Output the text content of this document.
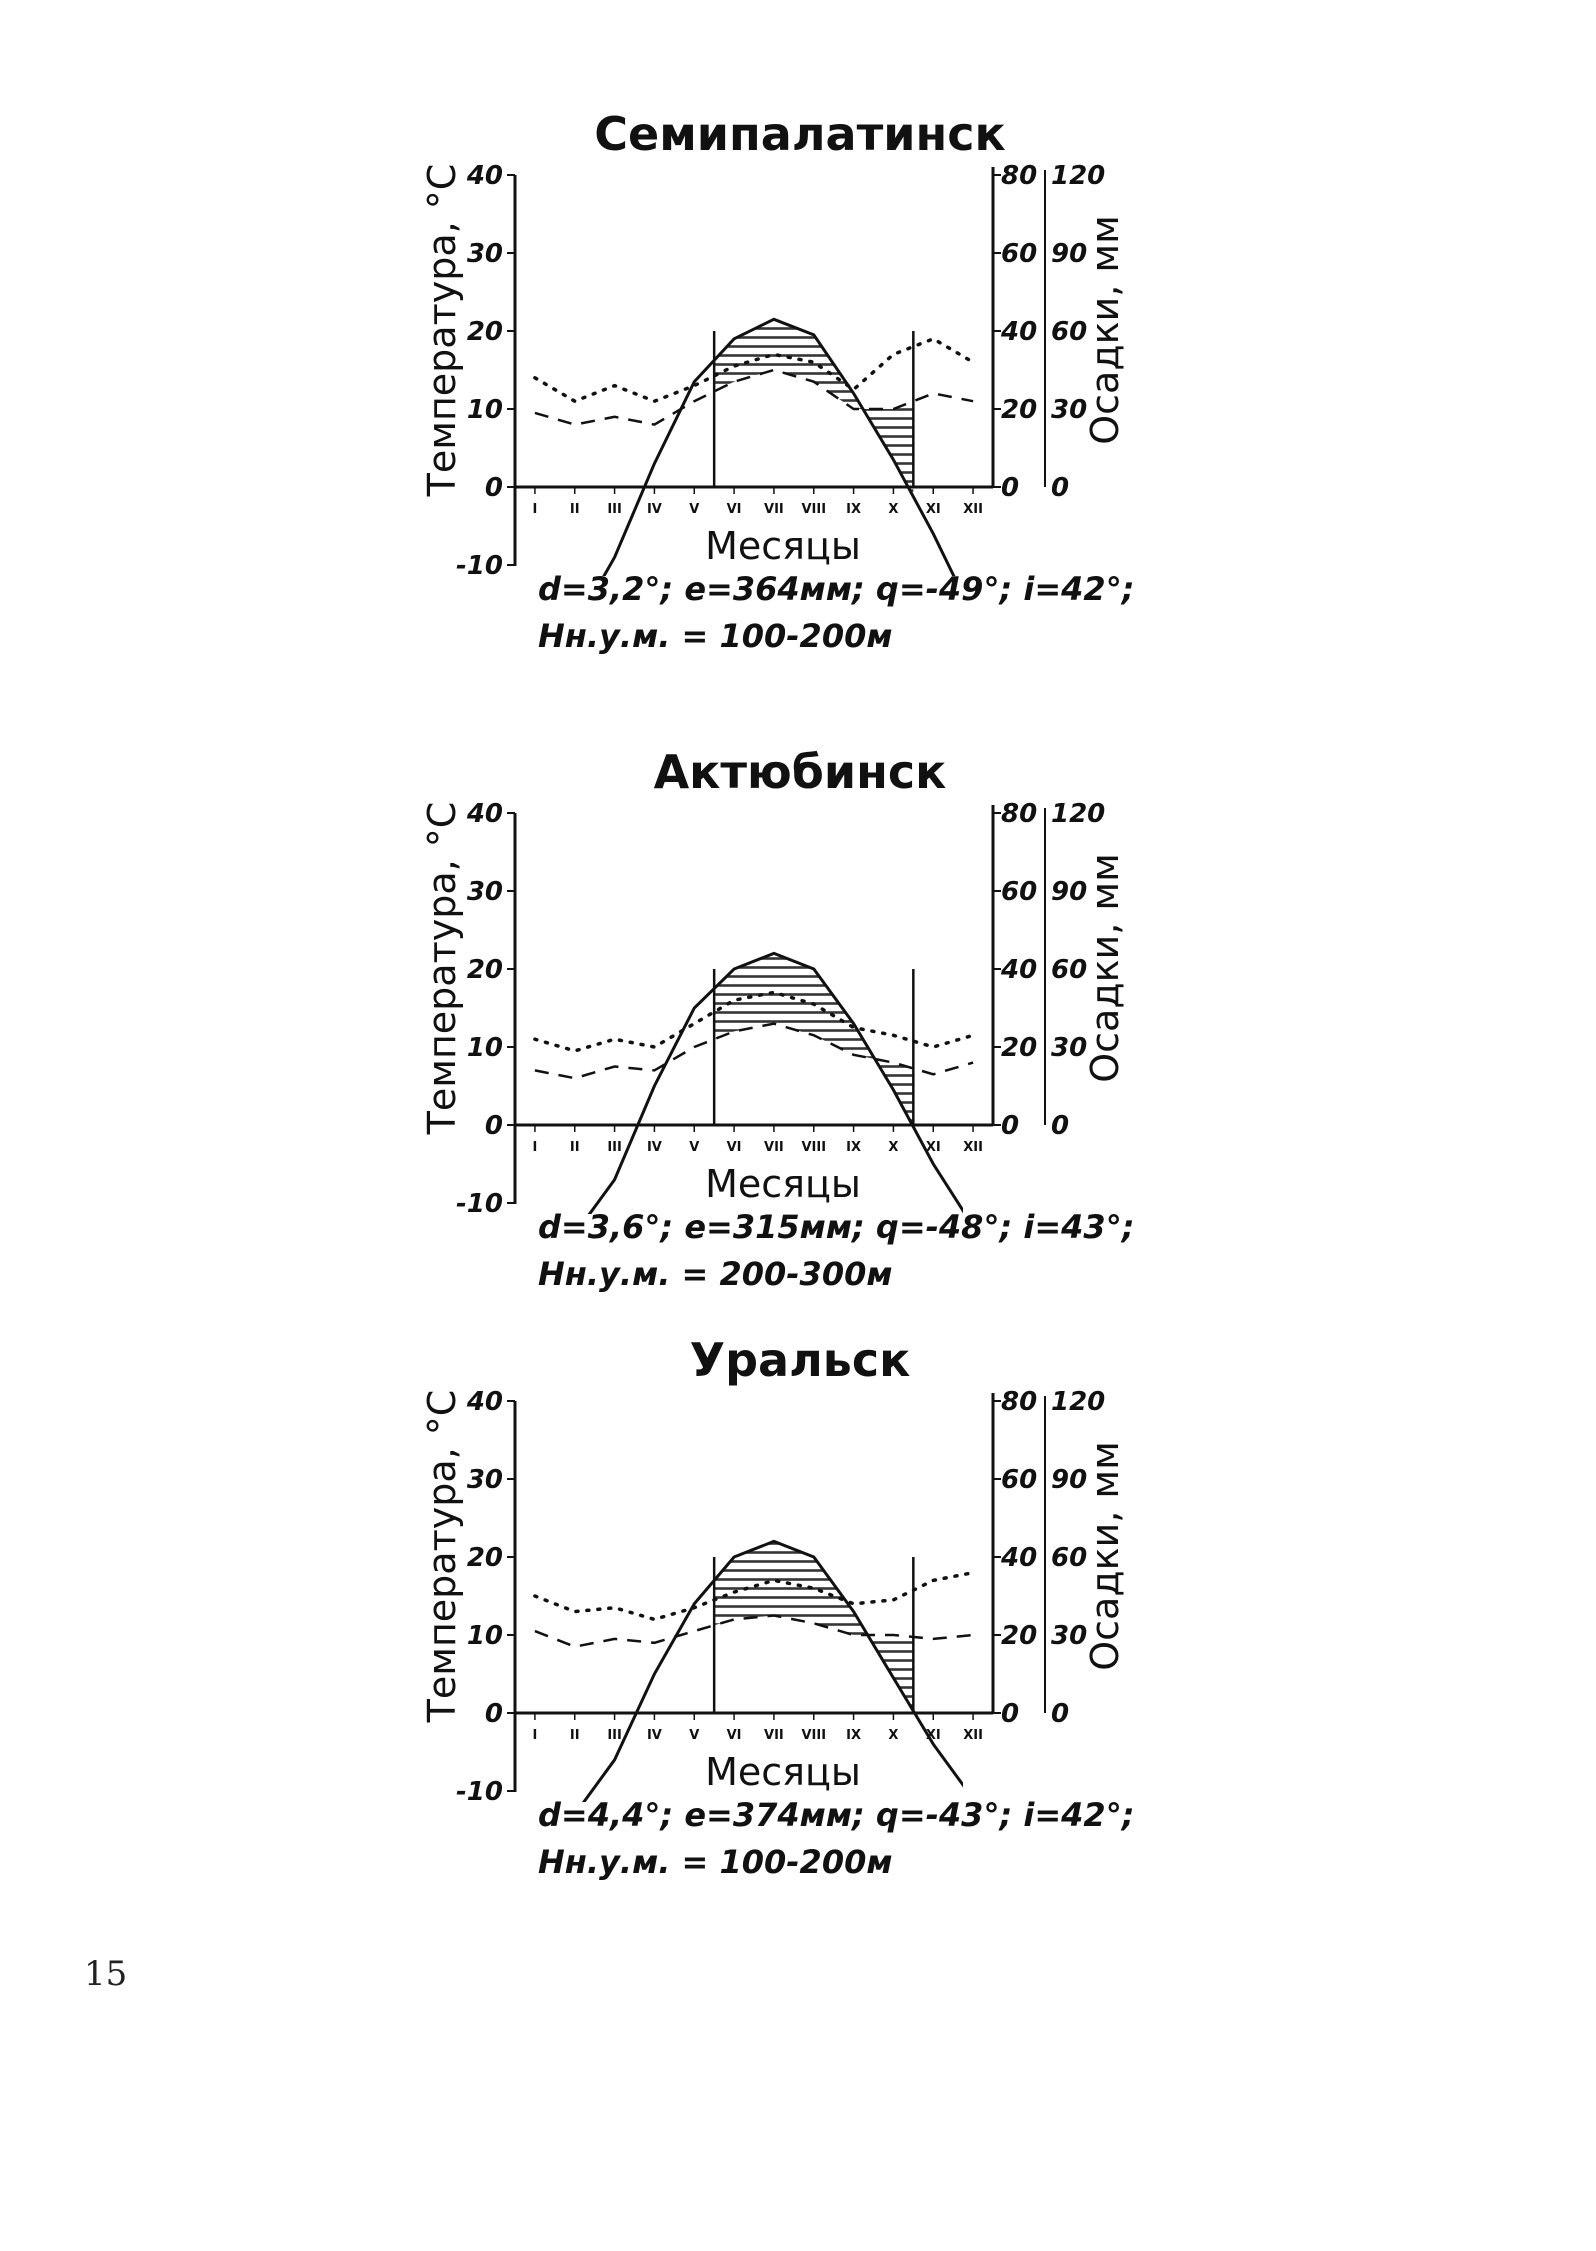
Семипалатинск
Температура, °С	Осадки, мм
40
30
20
10
0
-10
80
60
40
20
0
120
90
60
30
0
I	II III IV V VI VII VIII IX X XI XII
Месяцы
d=3,2°; e=364мм; q=-49°; i=42°;
Нн.у.м. = 100-200м
Актюбинск
Температура, °С	Осадки, мм
40
30
20
10
0
-10
80
60
40
20
0
120
90
60
30
0
I	II III IV V VI VII VIII IX X XI XII
Месяцы
d=3,6°; e=315мм; q=-48°; i=43°;
Нн.у.м. = 200-300м
Уральск
Температура, °С	Осадки, мм
40
30
20
10
0
-10
80
60
40
20
0
120
90
60
30
0
I	II III IV V VI VII VIII IX X XI XII
Месяцы
d=4,4°; e=374мм; q=-43°; i=42°;
Нн.у.м. = 100-200м
15
